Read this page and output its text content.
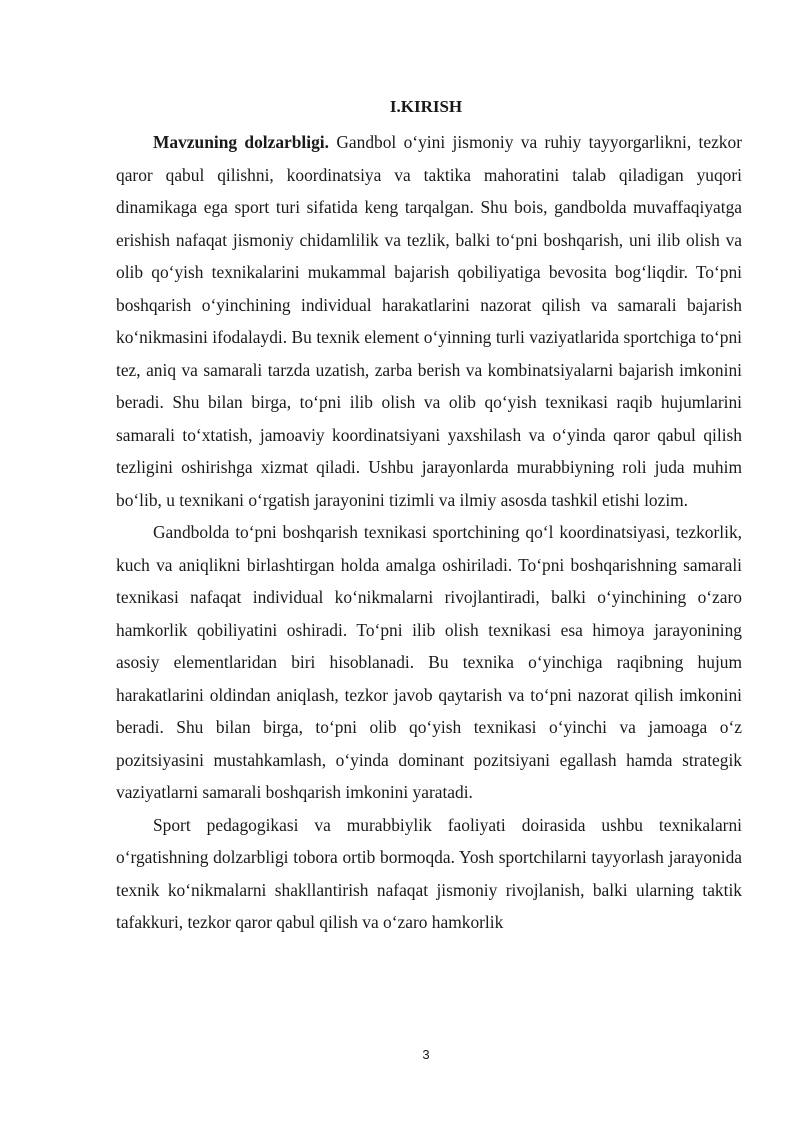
I.KIRISH

Mavzuning dolzarbligi. Gandbol o‘yini jismoniy va ruhiy tayyorgarlikni, tezkor qaror qabul qilishni, koordinatsiya va taktika mahoratini talab qiladigan yuqori dinamikaga ega sport turi sifatida keng tarqalgan. Shu bois, gandbolda muvaffaqiyatga erishish nafaqat jismoniy chidamlilik va tezlik, balki to‘pni boshqarish, uni ilib olish va olib qo‘yish texnikalarini mukammal bajarish qobiliyatiga bevosita bog‘liqdir. To‘pni boshqarish o‘yinchining individual harakatlarini nazorat qilish va samarali bajarish ko‘nikmasini ifodalaydi. Bu texnik element o‘yinning turli vaziyatlarida sportchiga to‘pni tez, aniq va samarali tarzda uzatish, zarba berish va kombinatsiyalarni bajarish imkonini beradi. Shu bilan birga, to‘pni ilib olish va olib qo‘yish texnikasi raqib hujumlarini samarali to‘xtatish, jamoaviy koordinatsiyani yaxshilash va o‘yinda qaror qabul qilish tezligini oshirishga xizmat qiladi. Ushbu jarayonlarda murabbiyning roli juda muhim bo‘lib, u texnikani o‘rgatish jarayonini tizimli va ilmiy asosda tashkil etishi lozim.

Gandbolda to‘pni boshqarish texnikasi sportchining qo‘l koordinatsiyasi, tezkorlik, kuch va aniqlikni birlashtirgan holda amalga oshiriladi. To‘pni boshqarishning samarali texnikasi nafaqat individual ko‘nikmalarni rivojlantiradi, balki o‘yinchining o‘zaro hamkorlik qobiliyatini oshiradi. To‘pni ilib olish texnikasi esa himoya jarayonining asosiy elementlaridan biri hisoblanadi. Bu texnika o‘yinchiga raqibning hujum harakatlarini oldindan aniqlash, tezkor javob qaytarish va to‘pni nazorat qilish imkonini beradi. Shu bilan birga, to‘pni olib qo‘yish texnikasi o‘yinchi va jamoaga o‘z pozitsiyasini mustahkamlash, o‘yinda dominant pozitsiyani egallash hamda strategik vaziyatlarni samarali boshqarish imkonini yaratadi.

Sport pedagogikasi va murabbiylik faoliyati doirasida ushbu texnikalarni o‘rgatishning dolzarbligi tobora ortib bormoqda. Yosh sportchilarni tayyorlash jarayonida texnik ko‘nikmalarni shakllantirish nafaqat jismoniy rivojlanish, balki ularning taktik tafakkuri, tezkor qaror qabul qilish va o‘zaro hamkorlik

3
